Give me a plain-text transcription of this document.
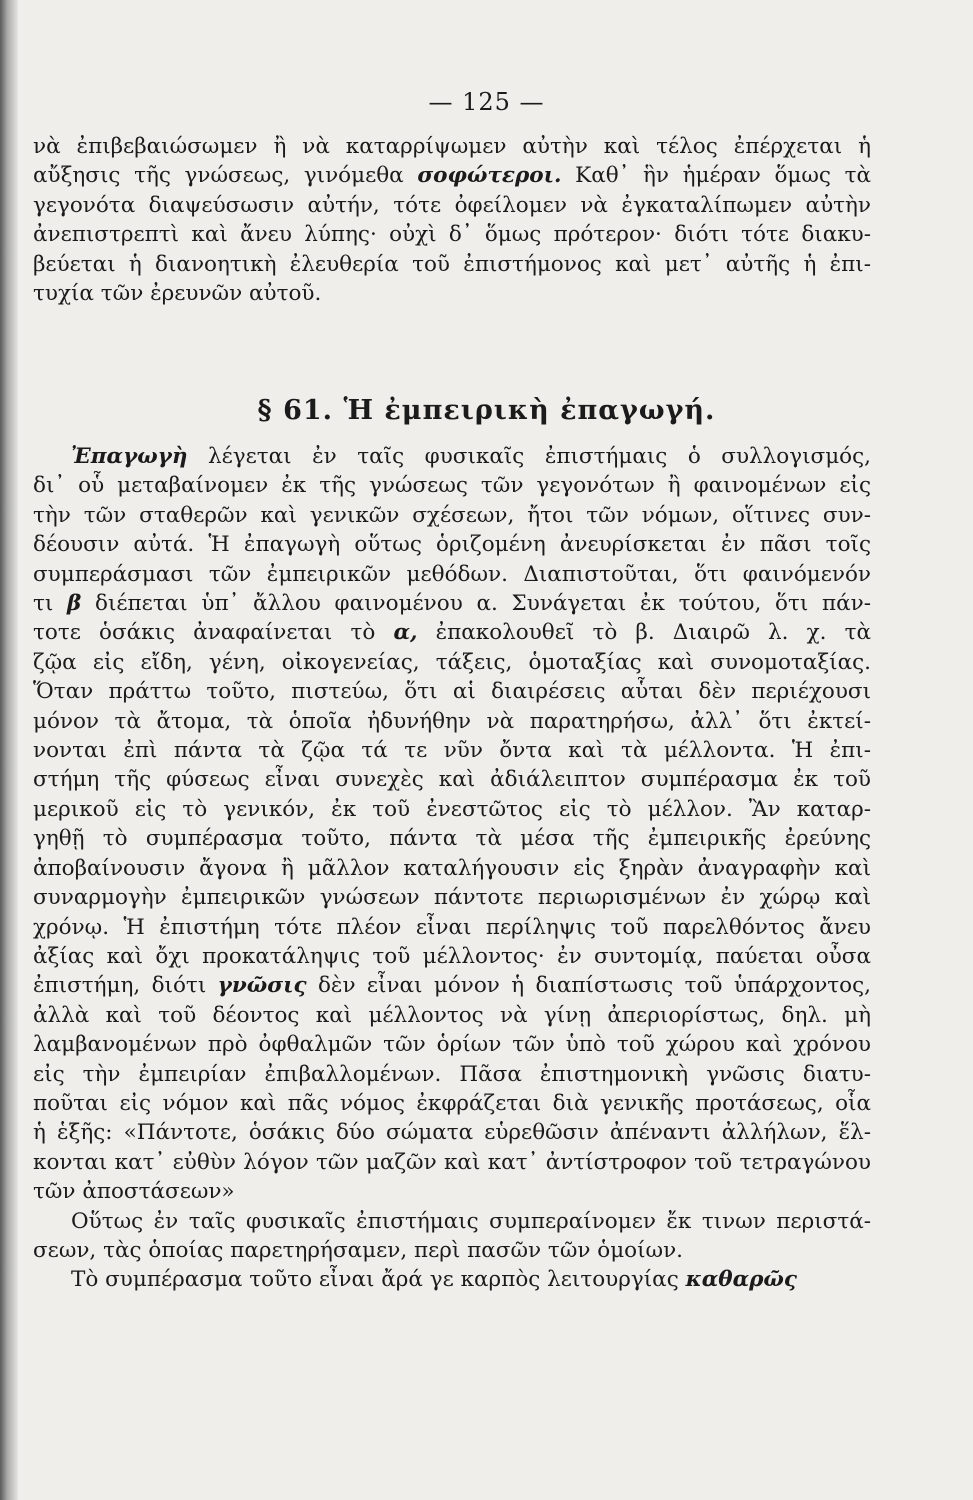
— 125 —
νὰ ἐπιβεβαιώσωμεν ἢ νὰ καταρρίψωμεν αὐτὴν καὶ τέλος ἐπέρχεται ἡ
αὔξησις τῆς γνώσεως, γινόμεθα σοφώτεροι. Καθ᾽ ἣν ἡμέραν ὅμως τὰ
γεγονότα διαψεύσωσιν αὐτήν, τότε ὀφείλομεν νὰ ἐγκαταλίπωμεν αὐτὴν
ἀνεπιστρεπτὶ καὶ ἄνευ λύπης· οὐχὶ δ᾽ ὅμως πρότερον· διότι τότε διακυ-
βεύεται ἡ διανοητικὴ ἐλευθερία τοῦ ἐπιστήμονος καὶ μετ᾽ αὐτῆς ἡ ἐπι-
τυχία τῶν ἐρευνῶν αὐτοῦ.
§ 61. Ἡ ἐμπειρικὴ ἐπαγωγή.
Ἐπαγωγὴ λέγεται ἐν ταῖς φυσικαῖς ἐπιστήμαις ὁ συλλογισμός,
δι᾽ οὗ μεταβαίνομεν ἐκ τῆς γνώσεως τῶν γεγονότων ἢ φαινομένων εἰς
τὴν τῶν σταθερῶν καὶ γενικῶν σχέσεων, ἤτοι τῶν νόμων, οἵτινες συν-
δέουσιν αὐτά. Ἡ ἐπαγωγὴ οὕτως ὁριζομένη ἀνευρίσκεται ἐν πᾶσι τοῖς
συμπεράσμασι τῶν ἐμπειρικῶν μεθόδων. Διαπιστοῦται, ὅτι φαινόμενόν
τι β διέπεται ὑπ᾽ ἄλλου φαινομένου α. Συνάγεται ἐκ τούτου, ὅτι πάν-
τοτε ὁσάκις ἀναφαίνεται τὸ α, ἐπακολουθεῖ τὸ β. Διαιρῶ λ. χ. τὰ
ζῷα εἰς εἴδη, γένη, οἰκογενείας, τάξεις, ὁμοταξίας καὶ συνομοταξίας.
Ὅταν πράττω τοῦτο, πιστεύω, ὅτι αἱ διαιρέσεις αὗται δὲν περιέχουσι
μόνον τὰ ἄτομα, τὰ ὁποῖα ἠδυνήθην νὰ παρατηρήσω, ἀλλ᾽ ὅτι ἐκτεί-
νονται ἐπὶ πάντα τὰ ζῷα τά τε νῦν ὄντα καὶ τὰ μέλλοντα. Ἡ ἐπι-
στήμη τῆς φύσεως εἶναι συνεχὲς καὶ ἀδιάλειπτον συμπέρασμα ἐκ τοῦ
μερικοῦ εἰς τὸ γενικόν, ἐκ τοῦ ἐνεστῶτος εἰς τὸ μέλλον. Ἂν καταρ-
γηθῇ τὸ συμπέρασμα τοῦτο, πάντα τὰ μέσα τῆς ἐμπειρικῆς ἐρεύνης
ἀποβαίνουσιν ἄγονα ἢ μᾶλλον καταλήγουσιν εἰς ξηρὰν ἀναγραφὴν καὶ
συναρμογὴν ἐμπειρικῶν γνώσεων πάντοτε περιωρισμένων ἐν χώρῳ καὶ
χρόνῳ. Ἡ ἐπιστήμη τότε πλέον εἶναι περίληψις τοῦ παρελθόντος ἄνευ
ἀξίας καὶ ὄχι προκατάληψις τοῦ μέλλοντος· ἐν συντομίᾳ, παύεται οὖσα
ἐπιστήμη, διότι γνῶσις δὲν εἶναι μόνον ἡ διαπίστωσις τοῦ ὑπάρχοντος,
ἀλλὰ καὶ τοῦ δέοντος καὶ μέλλοντος νὰ γίνῃ ἀπεριορίστως, δηλ. μὴ
λαμβανομένων πρὸ ὀφθαλμῶν τῶν ὁρίων τῶν ὑπὸ τοῦ χώρου καὶ χρόνου
εἰς τὴν ἐμπειρίαν ἐπιβαλλομένων. Πᾶσα ἐπιστημονικὴ γνῶσις διατυ-
ποῦται εἰς νόμον καὶ πᾶς νόμος ἐκφράζεται διὰ γενικῆς προτάσεως, οἷα
ἡ ἑξῆς: «Πάντοτε, ὁσάκις δύο σώματα εὑρεθῶσιν ἀπέναντι ἀλλήλων, ἕλ-
κονται κατ᾽ εὐθὺν λόγον τῶν μαζῶν καὶ κατ᾽ ἀντίστροφον τοῦ τετραγώνου
τῶν ἀποστάσεων»
Οὕτως ἐν ταῖς φυσικαῖς ἐπιστήμαις συμπεραίνομεν ἔκ τινων περιστά-
σεων, τὰς ὁποίας παρετηρήσαμεν, περὶ πασῶν τῶν ὁμοίων.
Τὸ συμπέρασμα τοῦτο εἶναι ἄρά γε καρπὸς λειτουργίας καθαρῶς
